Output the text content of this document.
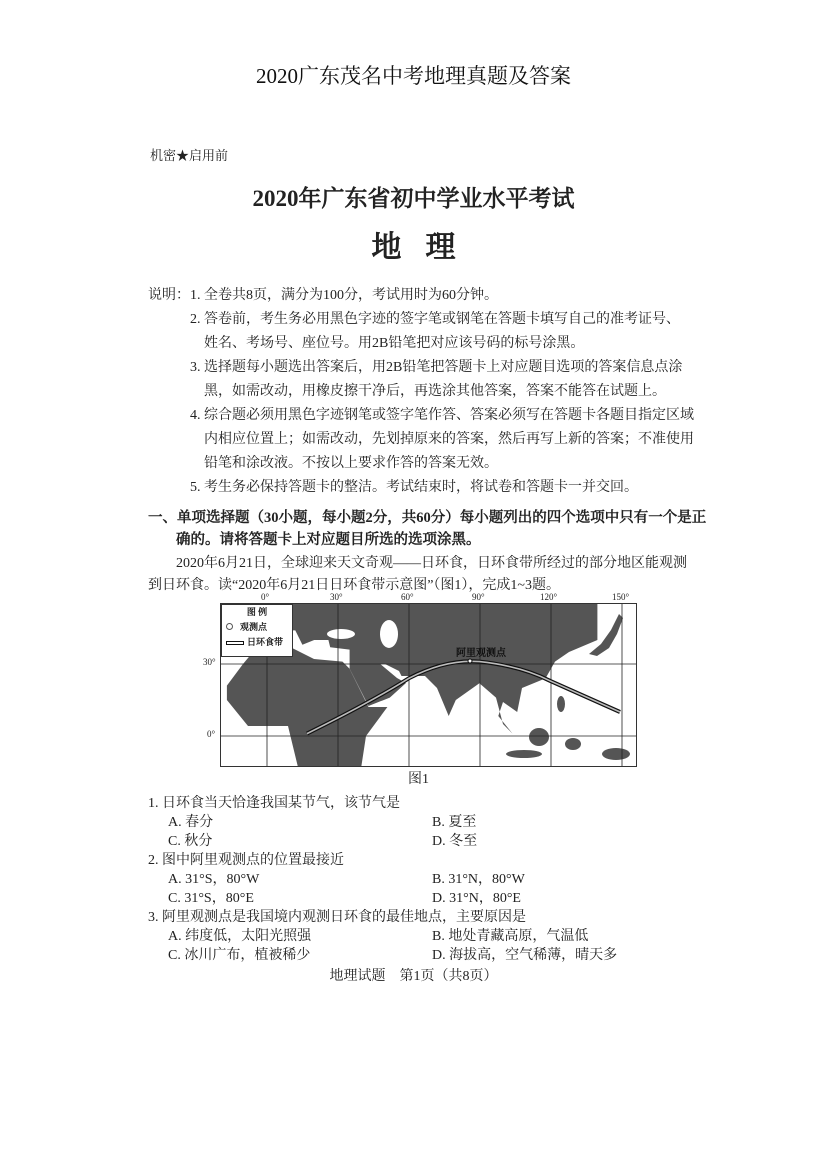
2020广东茂名中考地理真题及答案
机密★启用前
2020年广东省初中学业水平考试
地理
说明： 1. 全卷共8页，满分为100分，考试用时为60分钟。
2. 答卷前，考生务必用黑色字迹的签字笔或钢笔在答题卡填写自己的准考证号、
姓名、考场号、座位号。用2B铅笔把对应该号码的标号涂黑。
3. 选择题每小题选出答案后，用2B铅笔把答题卡上对应题目选项的答案信息点涂
黑，如需改动，用橡皮擦干净后，再选涂其他答案，答案不能答在试题上。
4. 综合题必须用黑色字迹钢笔或签字笔作答、答案必须写在答题卡各题目指定区域
内相应位置上；如需改动，先划掉原来的答案，然后再写上新的答案；不准使用
铅笔和涂改液。不按以上要求作答的答案无效。
5. 考生务必保持答题卡的整洁。考试结束时，将试卷和答题卡一并交回。
一、单项选择题（30小题，每小题2分，共60分）每小题列出的四个选项中只有一个是正
确的。请将答题卡上对应题目所选的选项涂黑。
2020年6月21日，全球迎来天文奇观——日环食，日环食带所经过的部分地区能观测
到日环食。读“2020年6月21日日环食带示意图”（图1），完成1~3题。
0°	30°	60°	90°	120°	150°
30°
0°
阿里观测点
图 例
观测点
日环食带
图1
1. 日环食当天恰逢我国某节气，该节气是
A. 春分	B. 夏至
C. 秋分	D. 冬至
2. 图中阿里观测点的位置最接近
A. 31°S，80°W	B. 31°N，80°W
C. 31°S，80°E	D. 31°N，80°E
3. 阿里观测点是我国境内观测日环食的最佳地点，主要原因是
A. 纬度低，太阳光照强	B. 地处青藏高原，气温低
C. 冰川广布，植被稀少	D. 海拔高，空气稀薄，晴天多
地理试题　第1页（共8页）
